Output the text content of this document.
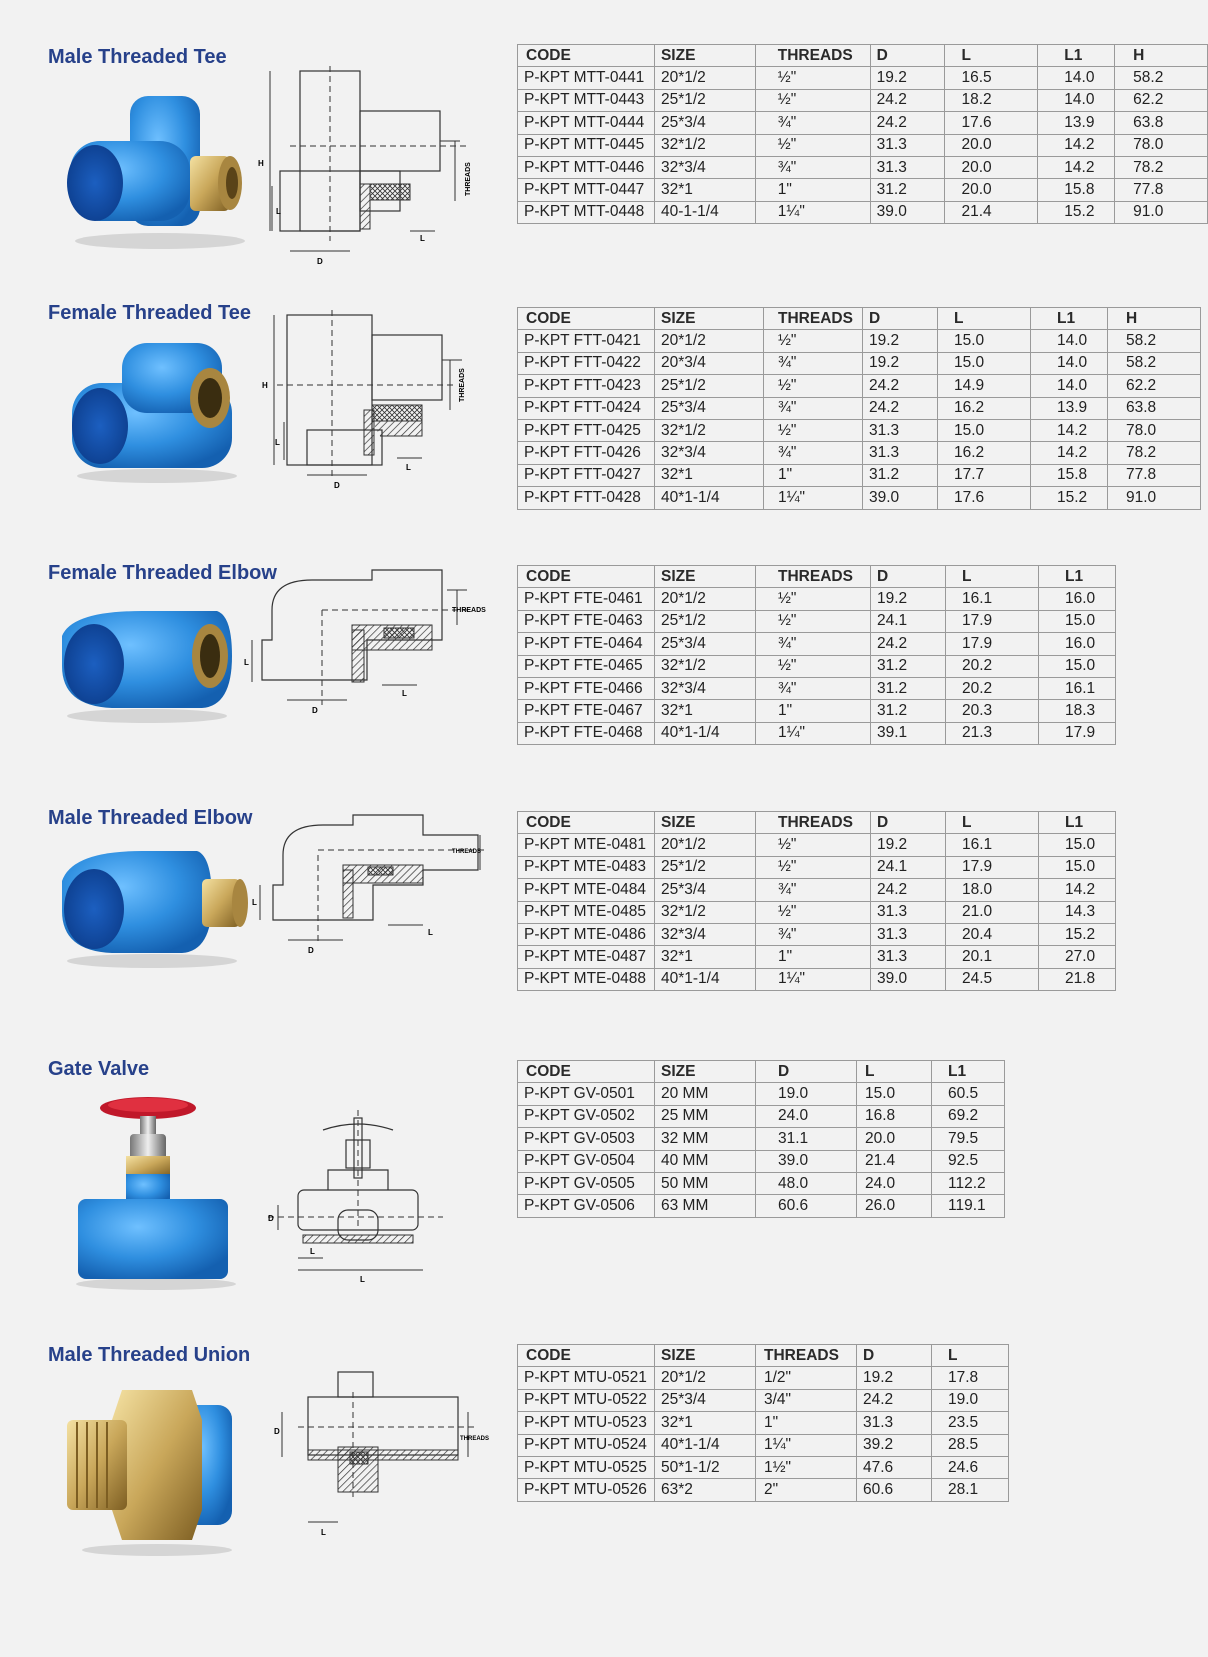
Male Threaded Tee
H
L
D
L
THREADS
CODE	SIZE	THREADS	D	L	L1	H
P-KPT MTT-0441	20*1/2	½"	19.2	16.5	14.0	58.2
P-KPT MTT-0443	25*1/2	½"	24.2	18.2	14.0	62.2
P-KPT MTT-0444	25*3/4	¾"	24.2	17.6	13.9	63.8
P-KPT MTT-0445	32*1/2	½"	31.3	20.0	14.2	78.0
P-KPT MTT-0446	32*3/4	¾"	31.3	20.0	14.2	78.2
P-KPT MTT-0447	32*1	1"	31.2	20.0	15.8	77.8
P-KPT MTT-0448	40-1-1/4	1¼"	39.0	21.4	15.2	91.0
Female Threaded Tee
H
L
D
L
THREADS
CODE	SIZE	THREADS	D	L	L1	H
P-KPT FTT-0421	20*1/2	½"	19.2	15.0	14.0	58.2
P-KPT FTT-0422	20*3/4	¾"	19.2	15.0	14.0	58.2
P-KPT FTT-0423	25*1/2	½"	24.2	14.9	14.0	62.2
P-KPT FTT-0424	25*3/4	¾"	24.2	16.2	13.9	63.8
P-KPT FTT-0425	32*1/2	½"	31.3	15.0	14.2	78.0
P-KPT FTT-0426	32*3/4	¾"	31.3	16.2	14.2	78.2
P-KPT FTT-0427	32*1	1"	31.2	17.7	15.8	77.8
P-KPT FTT-0428	40*1-1/4	1¼"	39.0	17.6	15.2	91.0
Female Threaded Elbow
L
D
L
THREADS
CODE	SIZE	THREADS	D	L	L1
P-KPT FTE-0461	20*1/2	½"	19.2	16.1	16.0
P-KPT FTE-0463	25*1/2	½"	24.1	17.9	15.0
P-KPT FTE-0464	25*3/4	¾"	24.2	17.9	16.0
P-KPT FTE-0465	32*1/2	½"	31.2	20.2	15.0
P-KPT FTE-0466	32*3/4	¾"	31.2	20.2	16.1
P-KPT FTE-0467	32*1	1"	31.2	20.3	18.3
P-KPT FTE-0468	40*1-1/4	1¼"	39.1	21.3	17.9
Male Threaded Elbow
L
D
L
THREADS
CODE	SIZE	THREADS	D	L	L1
P-KPT MTE-0481	20*1/2	½"	19.2	16.1	15.0
P-KPT MTE-0483	25*1/2	½"	24.1	17.9	15.0
P-KPT MTE-0484	25*3/4	¾"	24.2	18.0	14.2
P-KPT MTE-0485	32*1/2	½"	31.3	21.0	14.3
P-KPT MTE-0486	32*3/4	¾"	31.3	20.4	15.2
P-KPT MTE-0487	32*1	1"	31.3	20.1	27.0
P-KPT MTE-0488	40*1-1/4	1¼"	39.0	24.5	21.8
Gate Valve
D
L
L
CODE	SIZE	D	L	L1
P-KPT GV-0501	20 MM	19.0	15.0	60.5
P-KPT GV-0502	25 MM	24.0	16.8	69.2
P-KPT GV-0503	32 MM	31.1	20.0	79.5
P-KPT GV-0504	40 MM	39.0	21.4	92.5
P-KPT GV-0505	50 MM	48.0	24.0	112.2
P-KPT GV-0506	63 MM	60.6	26.0	119.1
Male Threaded Union
D
L
THREADS
CODE	SIZE	THREADS	D	L
P-KPT MTU-0521	20*1/2	1/2"	19.2	17.8
P-KPT MTU-0522	25*3/4	3/4"	24.2	19.0
P-KPT MTU-0523	32*1	1"	31.3	23.5
P-KPT MTU-0524	40*1-1/4	1¼"	39.2	28.5
P-KPT MTU-0525	50*1-1/2	1½"	47.6	24.6
P-KPT MTU-0526	63*2	2"	60.6	28.1
